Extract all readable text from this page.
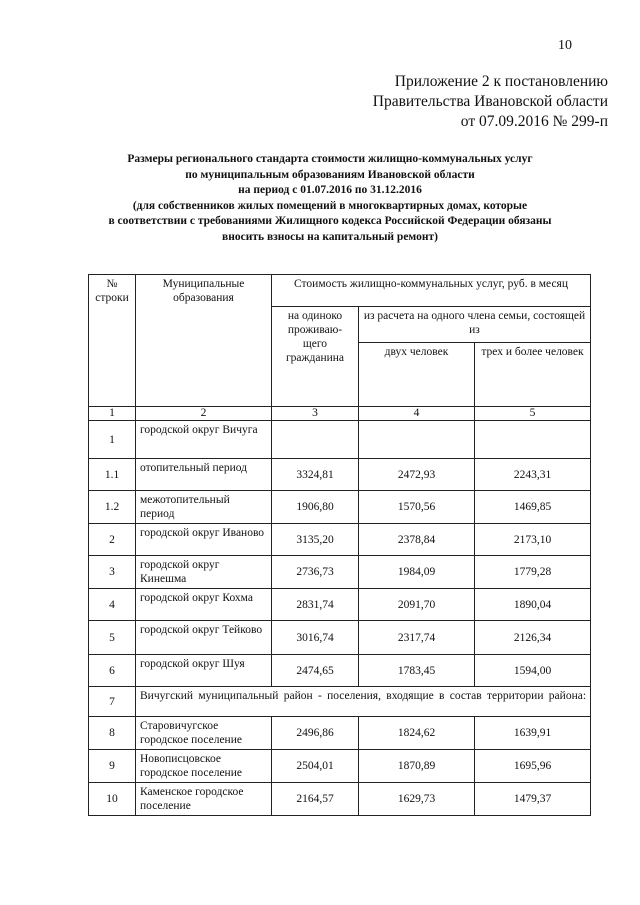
10
Приложение 2 к постановлению
Правительства Ивановской области
от 07.09.2016 № 299-п
Размеры регионального стандарта стоимости жилищно-коммунальных услуг
по муниципальным образованиям Ивановской области
на период с 01.07.2016 по 31.12.2016
(для собственников жилых помещений в многоквартирных домах, которые
в соответствии с требованиями Жилищного кодекса Российской Федерации обязаны
вносить взносы на капитальный ремонт)
№ строки	Муниципальные образования	Стоимость жилищно-коммунальных услуг, руб. в месяц		
		на одиноко проживаю-щего гражданина	из расчета на одного члена семьи, состоящей из	
			двух человек	трех и более человек
1	2	3	4	5
1	городской округ Вичуга			
1.1	отопительный период	3324,81	2472,93	2243,31
1.2	межотопительный период	1906,80	1570,56	1469,85
2	городской округ Иваново	3135,20	2378,84	2173,10
3	городской округ Кинешма	2736,73	1984,09	1779,28
4	городской округ Кохма	2831,74	2091,70	1890,04
5	городской округ Тейково	3016,74	2317,74	2126,34
6	городской округ Шуя	2474,65	1783,45	1594,00
7	Вичугский муниципальный район - поселения, входящие в состав территории района:			
8	Старовичугское городское поселение	2496,86	1824,62	1639,91
9	Новописцовское городское поселение	2504,01	1870,89	1695,96
10	Каменское городское поселение	2164,57	1629,73	1479,37
